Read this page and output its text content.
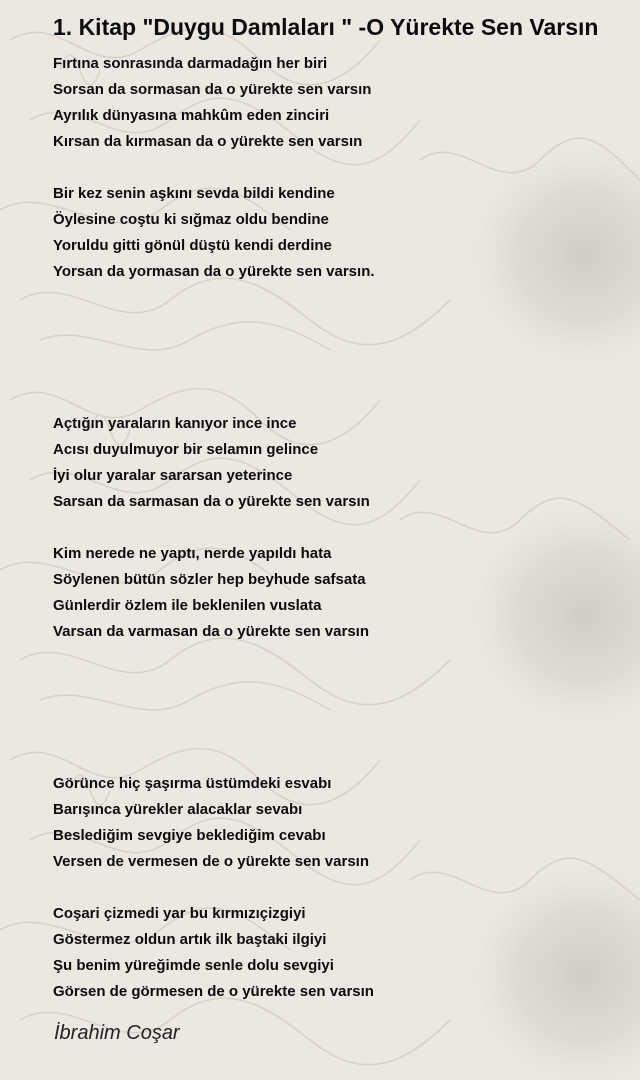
1. Kitap "Duygu Damlaları " -O Yürekte Sen Varsın

Fırtına sonrasında darmadağın her biri

Sorsan da sormasan da o yürekte sen varsın

Ayrılık dünyasına mahkûm eden zinciri

Kırsan da kırmasan da o yürekte sen varsın

Bir kez senin aşkını sevda bildi kendine

Öylesine coştu ki sığmaz oldu bendine

Yoruldu gitti gönül düştü kendi derdine

Yorsan da yormasan da o yürekte sen varsın.

Açtığın yaraların kanıyor ince ince

Acısı duyulmuyor bir selamın gelince

İyi olur yaralar sararsan yeterince

Sarsan da sarmasan da o yürekte sen varsın

Kim nerede ne yaptı, nerde yapıldı hata

Söylenen bütün sözler hep beyhude safsata

Günlerdir özlem ile beklenilen vuslata

Varsan da varmasan da o yürekte sen varsın

Görünce hiç şaşırma üstümdeki esvabı

Barışınca yürekler alacaklar sevabı

Beslediğim sevgiye beklediğim cevabı

Versen de vermesen de o yürekte sen varsın

Coşari çizmedi yar bu kırmızıçizgiyi

Göstermez oldun artık ilk baştaki ilgiyi

Şu benim yüreğimde senle dolu sevgiyi

Görsen de görmesen de o yürekte sen varsın

İbrahim Coşar
